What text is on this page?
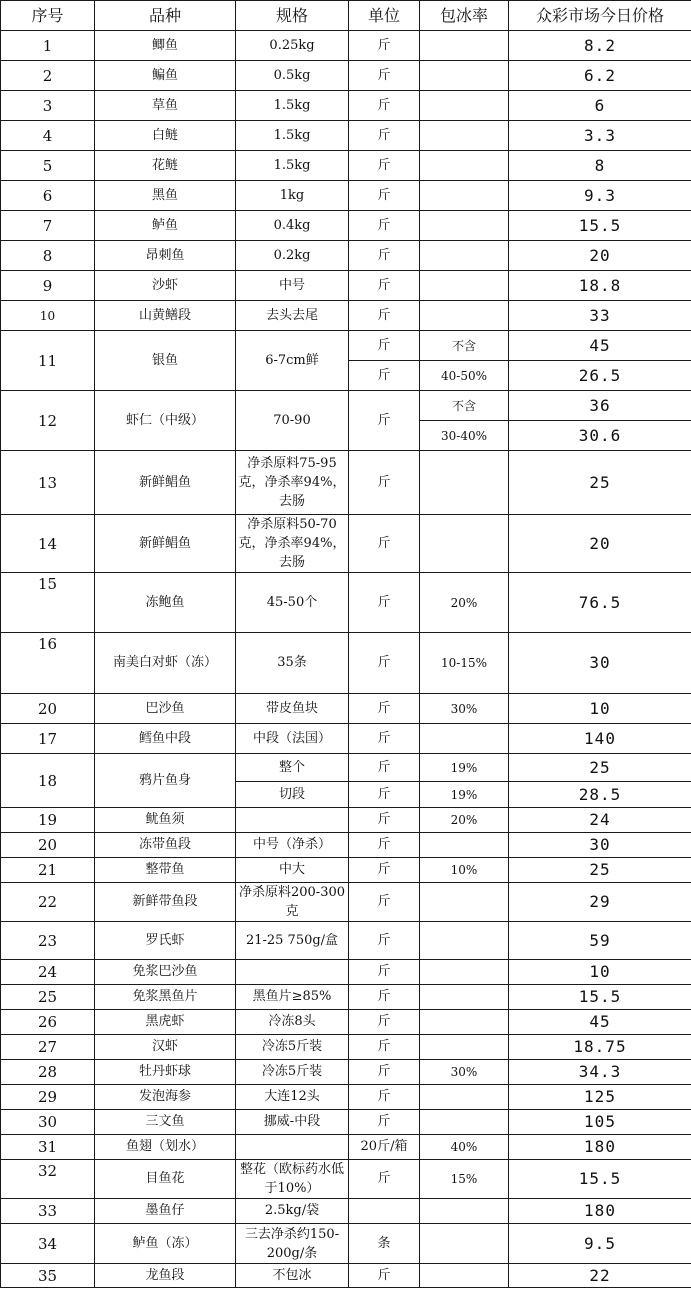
序号	品种	规格	单位	包冰率	众彩市场今日价格
1	鲫鱼	0.25kg	斤		8.2
2	鳊鱼	0.5kg	斤		6.2
3	草鱼	1.5kg	斤		6
4	白鲢	1.5kg	斤		3.3
5	花鲢	1.5kg	斤		8
6	黑鱼	1kg	斤		9.3
7	鲈鱼	0.4kg	斤		15.5
8	昂刺鱼	0.2kg	斤		20
9	沙虾	中号	斤		18.8
10	山黄鳝段	去头去尾	斤		33
11	银鱼	6-7cm鲜	斤	不含	45
			斤	40-50%	26.5
12	虾仁（中级）	70-90	斤	不含	36
				30-40%	30.6
13	新鲜鲳鱼	净杀原料75-95克，净杀率94%，去肠	斤		25
14	新鲜鲳鱼	净杀原料50-70克，净杀率94%，去肠	斤		20
15	冻鲍鱼	45-50个	斤	20%	76.5
16	南美白对虾（冻）	35条	斤	10-15%	30
20	巴沙鱼	带皮鱼块	斤	30%	10
17	鳕鱼中段	中段（法国）	斤		140
18	鸦片鱼身	整个	斤	19%	25
		切段	斤	19%	28.5
19	鱿鱼须		斤	20%	24
20	冻带鱼段	中号（净杀）	斤		30
21	整带鱼	中大	斤	10%	25
22	新鲜带鱼段	净杀原料200-300克	斤		29
23	罗氏虾	21-25 750g/盒	斤		59
24	免浆巴沙鱼		斤		10
25	免浆黑鱼片	黑鱼片≥85%	斤		15.5
26	黑虎虾	冷冻8头	斤		45
27	汉虾	冷冻5斤装	斤		18.75
28	牡丹虾球	冷冻5斤装	斤	30%	34.3
29	发泡海参	大连12头	斤		125
30	三文鱼	挪威-中段	斤		105
31	鱼翅（划水）		20斤/箱	40%	180
32	目鱼花	整花（欧标药水低于10%）	斤	15%	15.5
33	墨鱼仔	2.5kg/袋			180
34	鲈鱼（冻）	三去净杀约150-200g/条	条		9.5
35	龙鱼段	不包冰	斤		22
